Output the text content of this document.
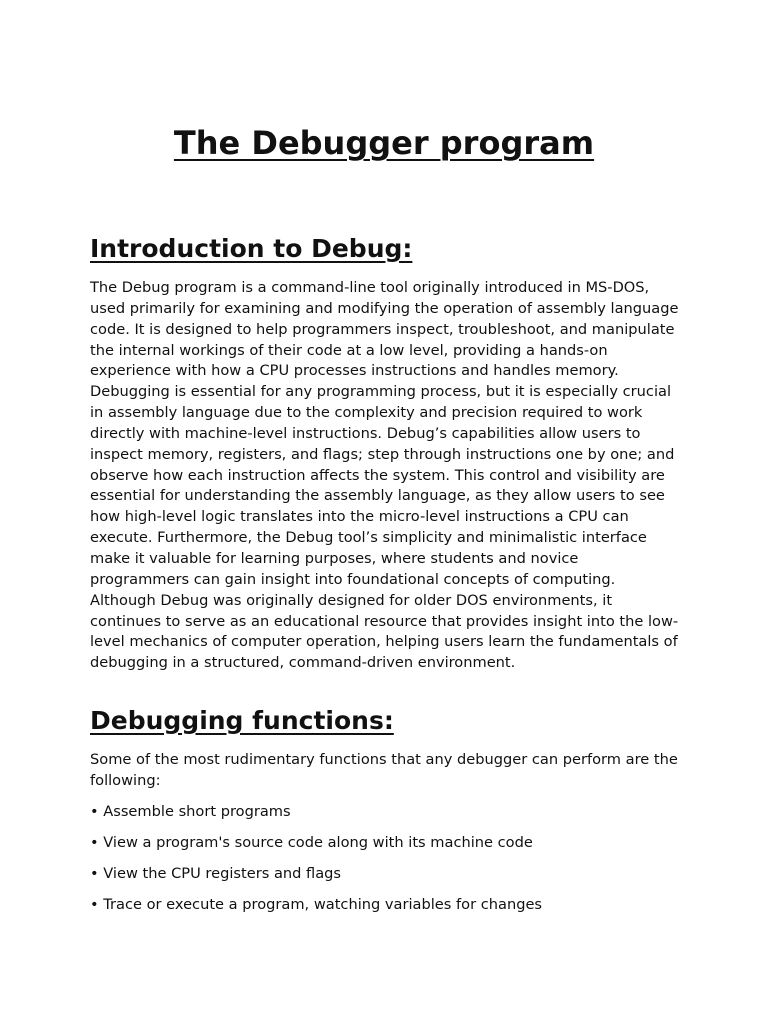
The Debugger program
Introduction to Debug:

The Debug program is a command-line tool originally introduced in MS-DOS, used primarily for examining and modifying the operation of assembly language code. It is designed to help programmers inspect, troubleshoot, and manipulate the internal workings of their code at a low level, providing a hands-on experience with how a CPU processes instructions and handles memory. Debugging is essential for any programming process, but it is especially crucial in assembly language due to the complexity and precision required to work directly with machine-level instructions. Debug’s capabilities allow users to inspect memory, registers, and flags; step through instructions one by one; and observe how each instruction affects the system. This control and visibility are essential for understanding the assembly language, as they allow users to see how high-level logic translates into the micro-level instructions a CPU can execute. Furthermore, the Debug tool’s simplicity and minimalistic interface make it valuable for learning purposes, where students and novice programmers can gain insight into foundational concepts of computing. Although Debug was originally designed for older DOS environments, it continues to serve as an educational resource that provides insight into the low-level mechanics of computer operation, helping users learn the fundamentals of debugging in a structured, command-driven environment.

Debugging functions:

Some of the most rudimentary functions that any debugger can perform are the following:

• Assemble short programs
• View a program's source code along with its machine code
• View the CPU registers and flags
• Trace or execute a program, watching variables for changes
